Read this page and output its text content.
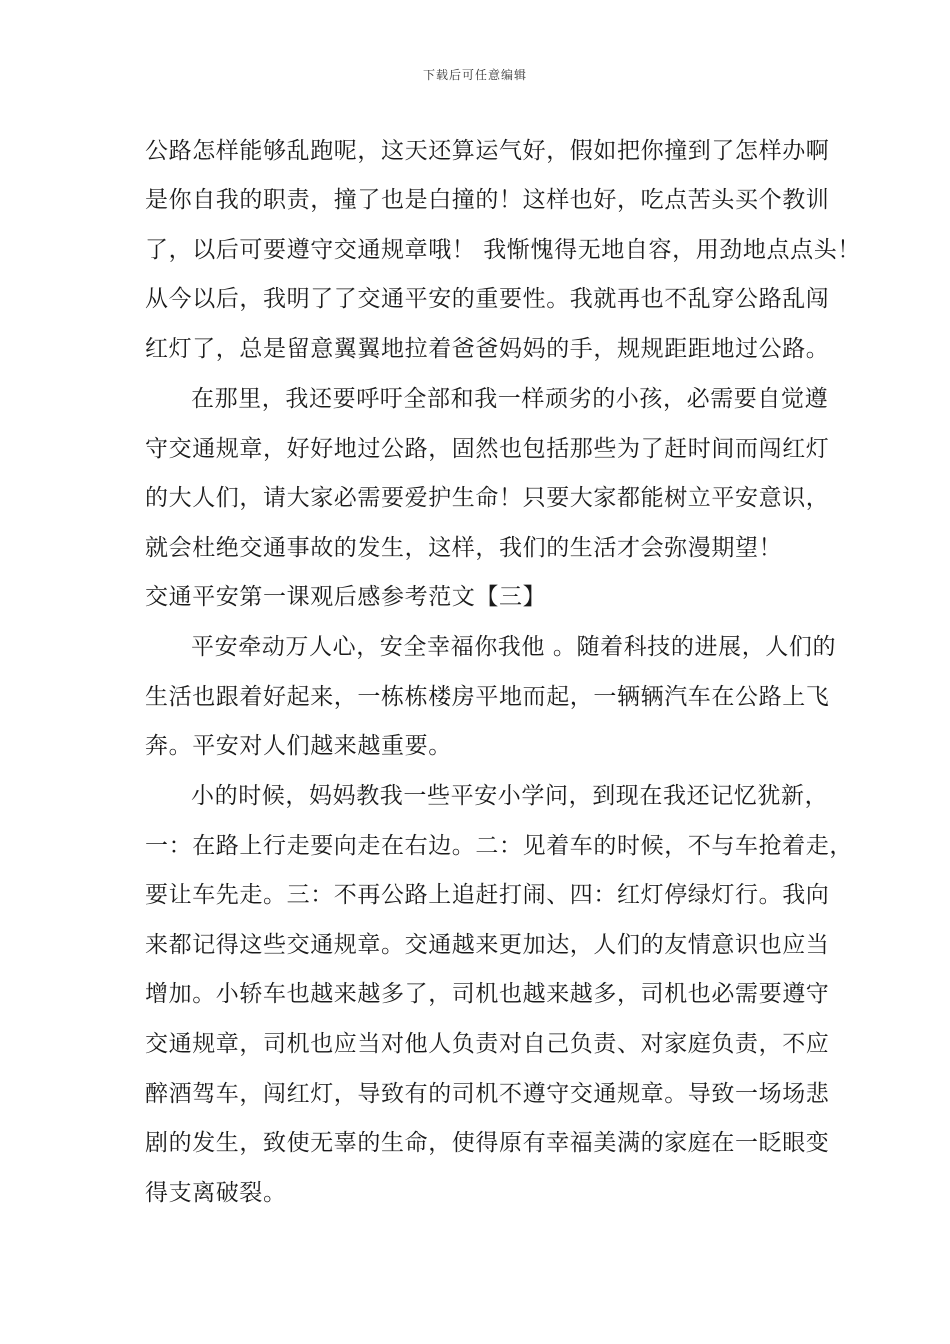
下载后可任意编辑
公路怎样能够乱跑呢，这天还算运气好，假如把你撞到了怎样办啊
是你自我的职责，撞了也是白撞的！这样也好，吃点苦头买个教训
了，以后可要遵守交通规章哦！ 我惭愧得无地自容，用劲地点点头！
从今以后，我明了了交通平安的重要性。我就再也不乱穿公路乱闯
红灯了，总是留意翼翼地拉着爸爸妈妈的手，规规距距地过公路。
在那里，我还要呼吁全部和我一样顽劣的小孩，必需要自觉遵
守交通规章，好好地过公路，固然也包括那些为了赶时间而闯红灯
的大人们，请大家必需要爱护生命！只要大家都能树立平安意识，
就会杜绝交通事故的发生，这样，我们的生活才会弥漫期望！
交通平安第一课观后感参考范文【三】
平安牵动万人心，安全幸福你我他 。随着科技的进展，人们的
生活也跟着好起来，一栋栋楼房平地而起，一辆辆汽车在公路上飞
奔。平安对人们越来越重要。
小的时候，妈妈教我一些平安小学问，到现在我还记忆犹新，
一：在路上行走要向走在右边。二：见着车的时候，不与车抢着走，
要让车先走。三：不再公路上追赶打闹、四：红灯停绿灯行。我向
来都记得这些交通规章。交通越来更加达，人们的友情意识也应当
增加。小轿车也越来越多了，司机也越来越多，司机也必需要遵守
交通规章，司机也应当对他人负责对自己负责、对家庭负责，不应
醉酒驾车，闯红灯，导致有的司机不遵守交通规章。导致一场场悲
剧的发生，致使无辜的生命，使得原有幸福美满的家庭在一眨眼变
得支离破裂。
